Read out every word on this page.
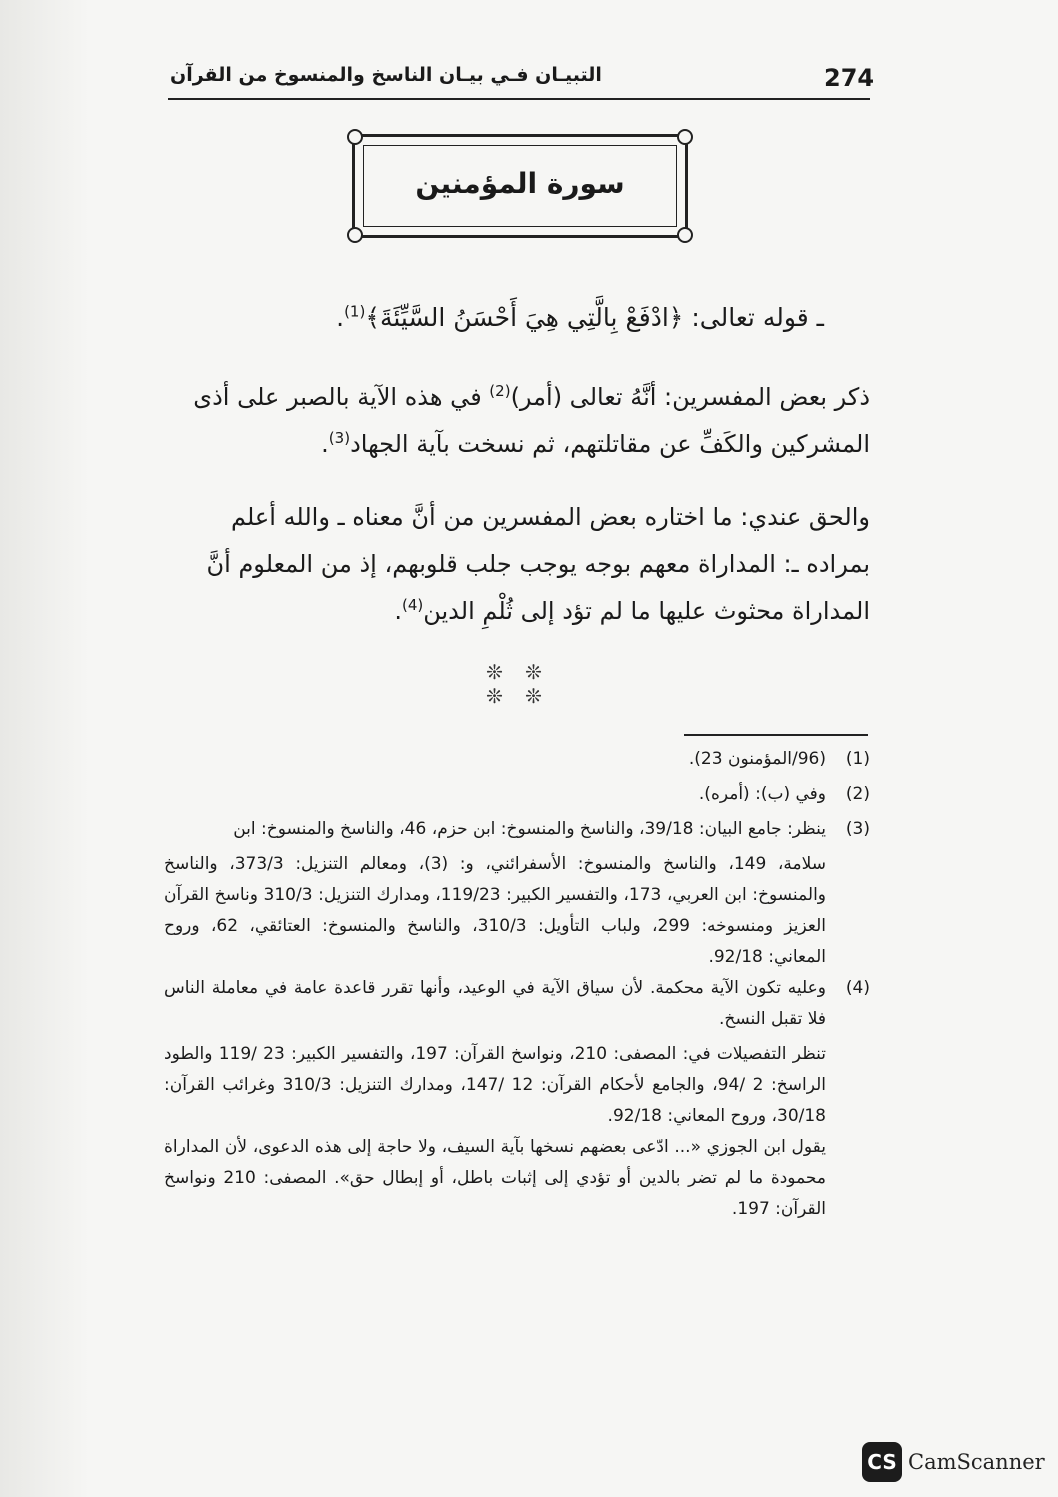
التبيـان فـي بيـان الناسخ والمنسوخ من القرآن	274
سورة المؤمنين
ـ قوله تعالى: ﴿ادْفَعْ بِالَّتِي هِيَ أَحْسَنُ السَّيِّئَةَ﴾$^{(1)}$.
ذكر بعض المفسرين: أنَّهُ تعالى (أمر)$^{(2)}$ في هذه الآية بالصبر على أذى المشركين والكَفِّ عن مقاتلتهم، ثم نسخت بآية الجهاد$^{(3)}$.
والحق عندي: ما اختاره بعض المفسرين من أنَّ معناه ـ والله أعلم بمراده ـ: المداراة معهم بوجه يوجب جلب قلوبهم، إذ من المعلوم أنَّ المداراة محثوث عليها ما لم تؤد إلى ثُلْمِ الدين$^{(4)}$.
❊ ❊ ❊ ❊
(1)
(96/المؤمنون 23).
(2)
وفي (ب): (أمره).
(3)
ينظر: جامع البيان: 39/18، والناسخ والمنسوخ: ابن حزم، 46، والناسخ والمنسوخ: ابن
سلامة، 149، والناسخ والمنسوخ: الأسفرائني، و: (3)، ومعالم التنزيل: 373/3، والناسخ والمنسوخ: ابن العربي، 173، والتفسير الكبير: 119/23، ومدارك التنزيل: 310/3 وناسخ القرآن العزيز ومنسوخه: 299، ولباب التأويل: 310/3، والناسخ والمنسوخ: العتائقي، 62، وروح المعاني: 92/18.
(4)
وعليه تكون الآية محكمة. لأن سياق الآية في الوعيد، وأنها تقرر قاعدة عامة في معاملة الناس فلا تقبل النسخ.
تنظر التفصيلات في: المصفى: 210، ونواسخ القرآن: 197، والتفسير الكبير: 23 /119 والطود الراسخ: 2 /94، والجامع لأحكام القرآن: 12 /147، ومدارك التنزيل: 310/3 وغرائب القرآن: 30/18، وروح المعاني: 92/18.
يقول ابن الجوزي «... ادّعى بعضهم نسخها بآية السيف، ولا حاجة إلى هذه الدعوى، لأن المداراة محمودة ما لم تضر بالدين أو تؤدي إلى إثبات باطل، أو إبطال حق». المصفى: 210 ونواسخ القرآن: 197.
CS CamScanner
